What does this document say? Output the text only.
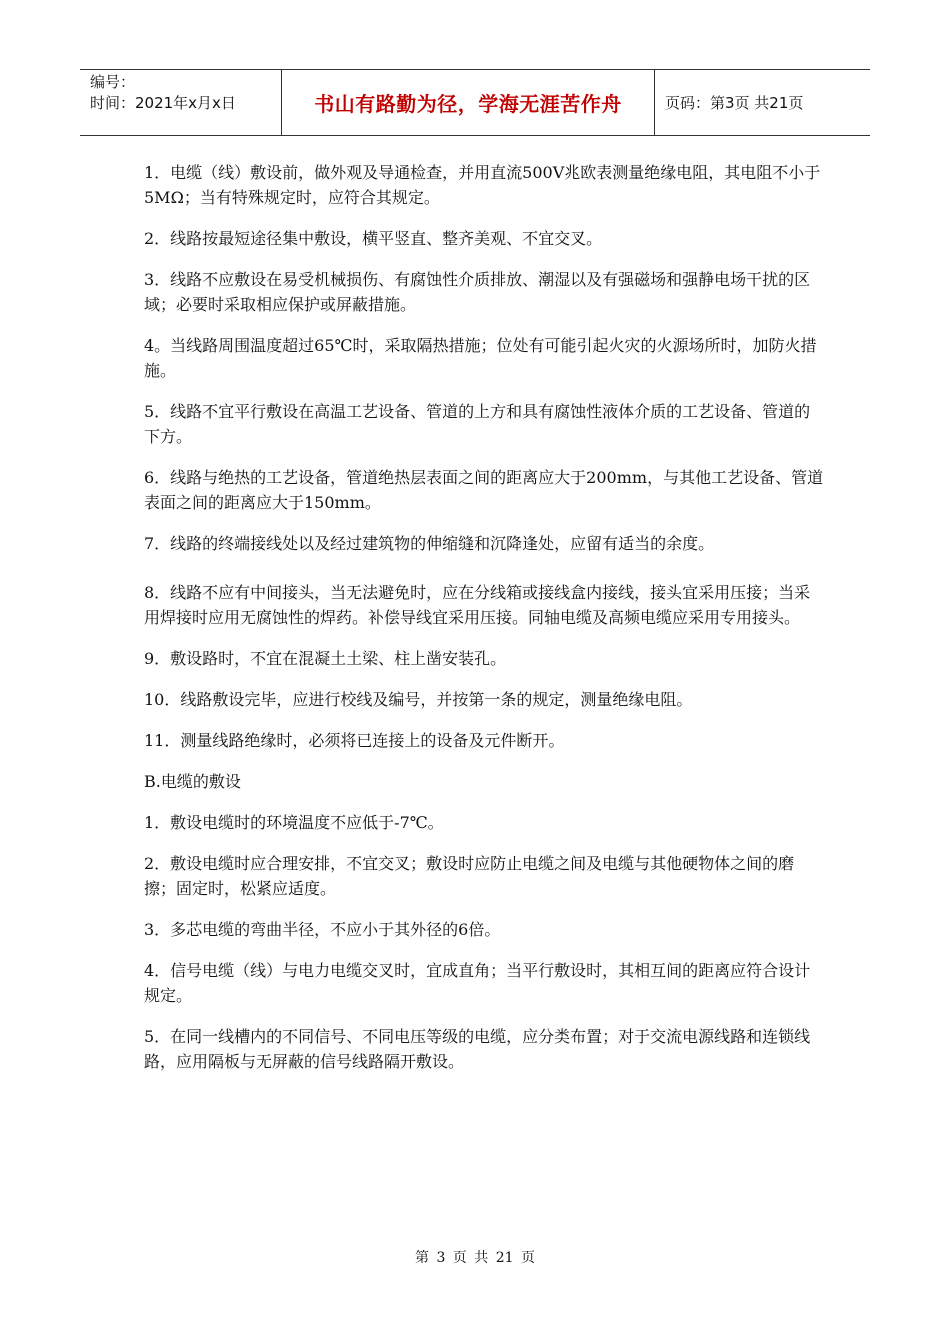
编号：
时间：2021年x月x日	书山有路勤为径，学海无涯苦作舟	页码：第3页 共21页

1．电缆（线）敷设前，做外观及导通检查，并用直流500V兆欧表测量绝缘电阻，其电阻不小于5MΩ；当有特殊规定时，应符合其规定。

2．线路按最短途径集中敷设，横平竖直、整齐美观、不宜交叉。

3．线路不应敷设在易受机械损伤、有腐蚀性介质排放、潮湿以及有强磁场和强静电场干扰的区域；必要时采取相应保护或屏蔽措施。

4。当线路周围温度超过65℃时，采取隔热措施；位处有可能引起火灾的火源场所时，加防火措施。

5．线路不宜平行敷设在高温工艺设备、管道的上方和具有腐蚀性液体介质的工艺设备、管道的下方。

6．线路与绝热的工艺设备，管道绝热层表面之间的距离应大于200mm，与其他工艺设备、管道表面之间的距离应大于150mm。

7．线路的终端接线处以及经过建筑物的伸缩缝和沉降逢处，应留有适当的余度。

8．线路不应有中间接头，当无法避免时，应在分线箱或接线盒内接线，接头宜采用压接；当采用焊接时应用无腐蚀性的焊药。补偿导线宜采用压接。同轴电缆及高频电缆应采用专用接头。

9．敷设路时，不宜在混凝土土梁、柱上凿安装孔。

10．线路敷设完毕，应进行校线及编号，并按第一条的规定，测量绝缘电阻。

11．测量线路绝缘时，必须将已连接上的设备及元件断开。

B.电缆的敷设

1．敷设电缆时的环境温度不应低于-7℃。

2．敷设电缆时应合理安排，不宜交叉；敷设时应防止电缆之间及电缆与其他硬物体之间的磨擦；固定时，松紧应适度。

3．多芯电缆的弯曲半径，不应小于其外径的6倍。

4．信号电缆（线）与电力电缆交叉时，宜成直角；当平行敷设时，其相互间的距离应符合设计规定。

5．在同一线槽内的不同信号、不同电压等级的电缆，应分类布置；对于交流电源线路和连锁线路，应用隔板与无屏蔽的信号线路隔开敷设。

第 3 页 共 21 页
